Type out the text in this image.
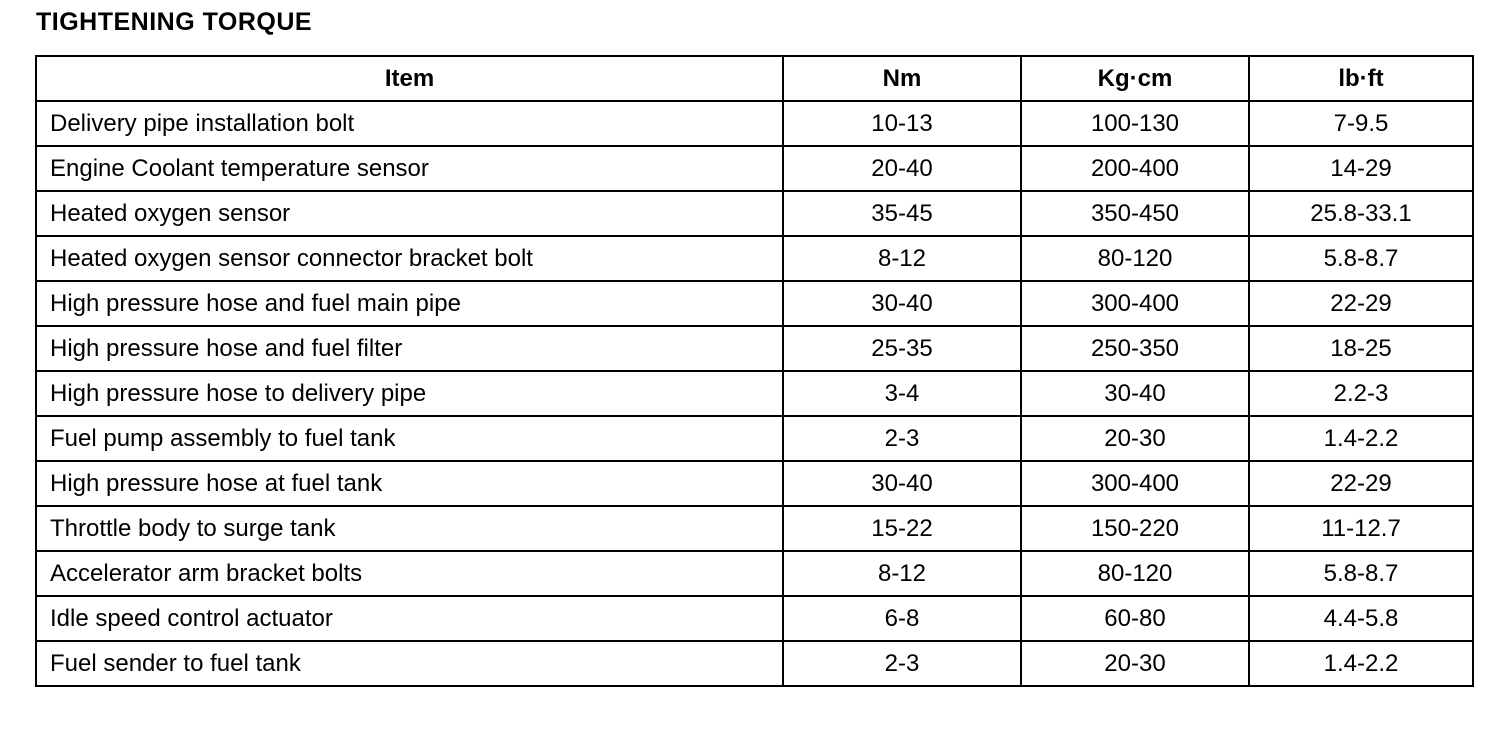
TIGHTENING TORQUE
Item	Nm	Kg·cm	lb·ft
Delivery pipe installation bolt	10-13	100-130	7-9.5
Engine Coolant temperature sensor	20-40	200-400	14-29
Heated oxygen sensor	35-45	350-450	25.8-33.1
Heated oxygen sensor connector bracket bolt	8-12	80-120	5.8-8.7
High pressure hose and fuel main pipe	30-40	300-400	22-29
High pressure hose and fuel filter	25-35	250-350	18-25
High pressure hose to delivery pipe	3-4	30-40	2.2-3
Fuel pump assembly to fuel tank	2-3	20-30	1.4-2.2
High pressure hose at fuel tank	30-40	300-400	22-29
Throttle body to surge tank	15-22	150-220	11-12.7
Accelerator arm bracket bolts	8-12	80-120	5.8-8.7
Idle speed control actuator	6-8	60-80	4.4-5.8
Fuel sender to fuel tank	2-3	20-30	1.4-2.2
